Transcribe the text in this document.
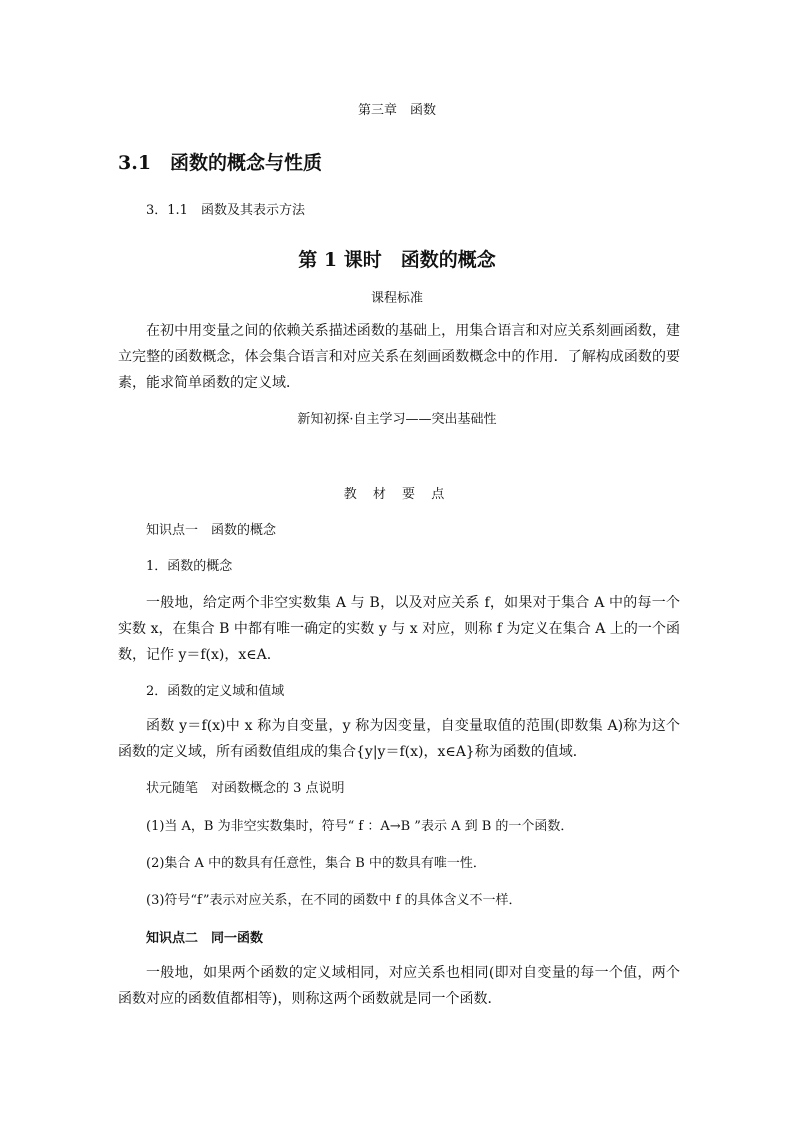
第三章　函数
3.1　函数的概念与性质
3．1.1　函数及其表示方法
第 1 课时　函数的概念
课程标准
在初中用变量之间的依赖关系描述函数的基础上，用集合语言和对应关系刻画函数，建立完整的函数概念，体会集合语言和对应关系在刻画函数概念中的作用．了解构成函数的要素，能求简单函数的定义域．
新知初探·自主学习——突出基础性
教 材 要 点
知识点一　函数的概念
1．函数的概念
一般地，给定两个非空实数集 A 与 B，以及对应关系 f，如果对于集合 A 中的每一个实数 x，在集合 B 中都有唯一确定的实数 y 与 x 对应，则称 f 为定义在集合 A 上的一个函数，记作 y＝f(x)，x∈A.
2．函数的定义域和值域
函数 y＝f(x)中 x 称为自变量，y 称为因变量，自变量取值的范围(即数集 A)称为这个函数的定义域，所有函数值组成的集合{y|y＝f(x)，x∈A}称为函数的值域．
状元随笔　对函数概念的 3 点说明
(1)当 A，B 为非空实数集时，符号“ f ：A→B ”表示 A 到 B 的一个函数．
(2)集合 A 中的数具有任意性，集合 B 中的数具有唯一性．
(3)符号“f”表示对应关系，在不同的函数中 f 的具体含义不一样．
知识点二　同一函数
一般地，如果两个函数的定义域相同，对应关系也相同(即对自变量的每一个值，两个函数对应的函数值都相等)，则称这两个函数就是同一个函数．
